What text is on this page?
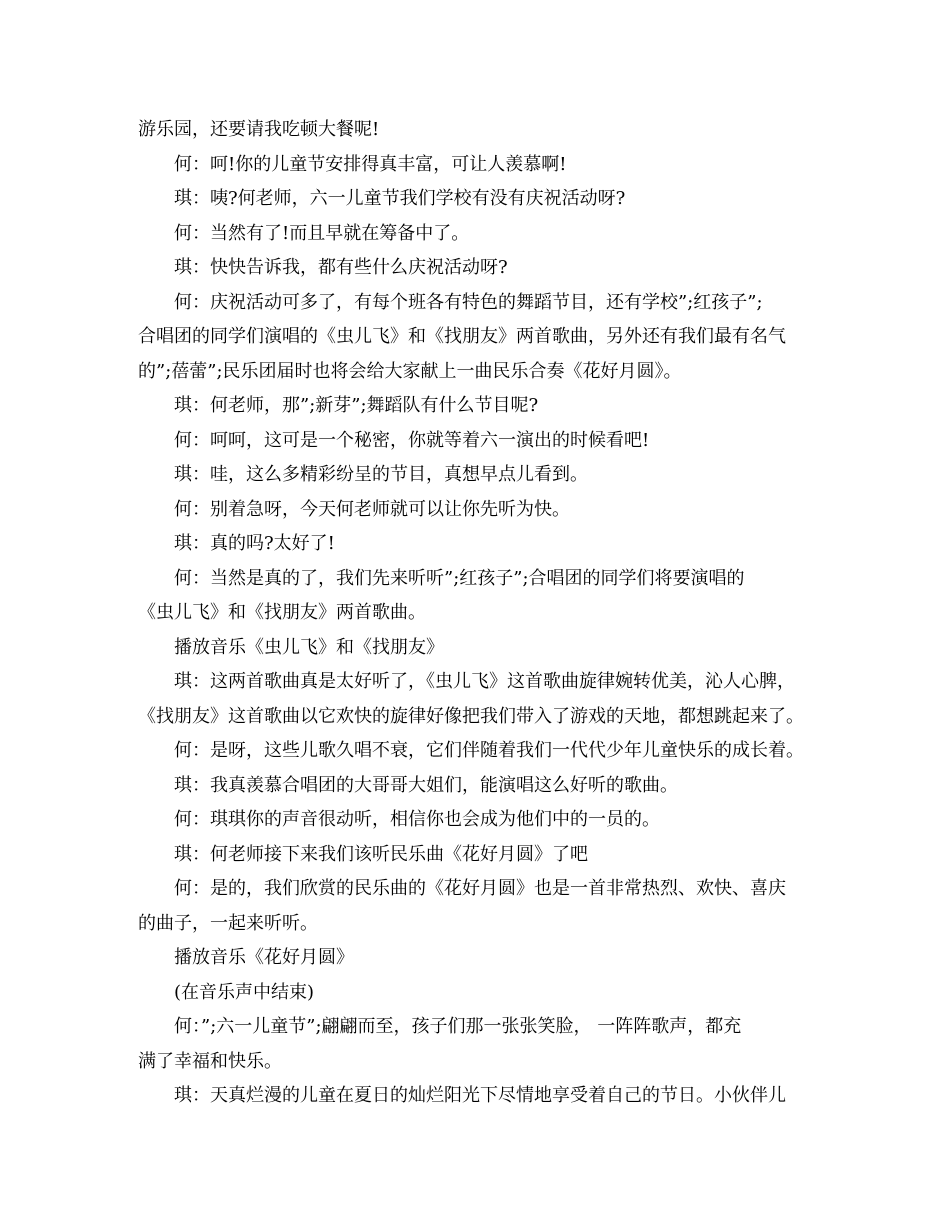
游乐园，还要请我吃顿大餐呢!
何：呵!你的儿童节安排得真丰富，可让人羡慕啊!
琪：咦?何老师，六一儿童节我们学校有没有庆祝活动呀?
何：当然有了!而且早就在筹备中了。
琪：快快告诉我，都有些什么庆祝活动呀?
何：庆祝活动可多了，有每个班各有特色的舞蹈节目，还有学校”;红孩子”;
合唱团的同学们演唱的《虫儿飞》和《找朋友》两首歌曲，另外还有我们最有名气
的”;蓓蕾”;民乐团届时也将会给大家献上一曲民乐合奏《花好月圆》。
琪：何老师，那”;新芽”;舞蹈队有什么节目呢?
何：呵呵，这可是一个秘密，你就等着六一演出的时候看吧!
琪：哇，这么多精彩纷呈的节目，真想早点儿看到。
何：别着急呀，今天何老师就可以让你先听为快。
琪：真的吗?太好了!
何：当然是真的了，我们先来听听”;红孩子”;合唱团的同学们将要演唱的
《虫儿飞》和《找朋友》两首歌曲。
播放音乐《虫儿飞》和《找朋友》
琪：这两首歌曲真是太好听了，《虫儿飞》这首歌曲旋律婉转优美，沁人心脾，
《找朋友》这首歌曲以它欢快的旋律好像把我们带入了游戏的天地，都想跳起来了。
何：是呀，这些儿歌久唱不衰，它们伴随着我们一代代少年儿童快乐的成长着。
琪：我真羡慕合唱团的大哥哥大姐们，能演唱这么好听的歌曲。
何：琪琪你的声音很动听，相信你也会成为他们中的一员的。
琪：何老师接下来我们该听民乐曲《花好月圆》了吧
何：是的，我们欣赏的民乐曲的《花好月圆》也是一首非常热烈、欢快、喜庆
的曲子，一起来听听。
播放音乐《花好月圆》
(在音乐声中结束)
何：”;六一儿童节”;翩翩而至，孩子们那一张张笑脸， 一阵阵歌声，都充
满了幸福和快乐。
琪：天真烂漫的儿童在夏日的灿烂阳光下尽情地享受着自己的节日。小伙伴儿
